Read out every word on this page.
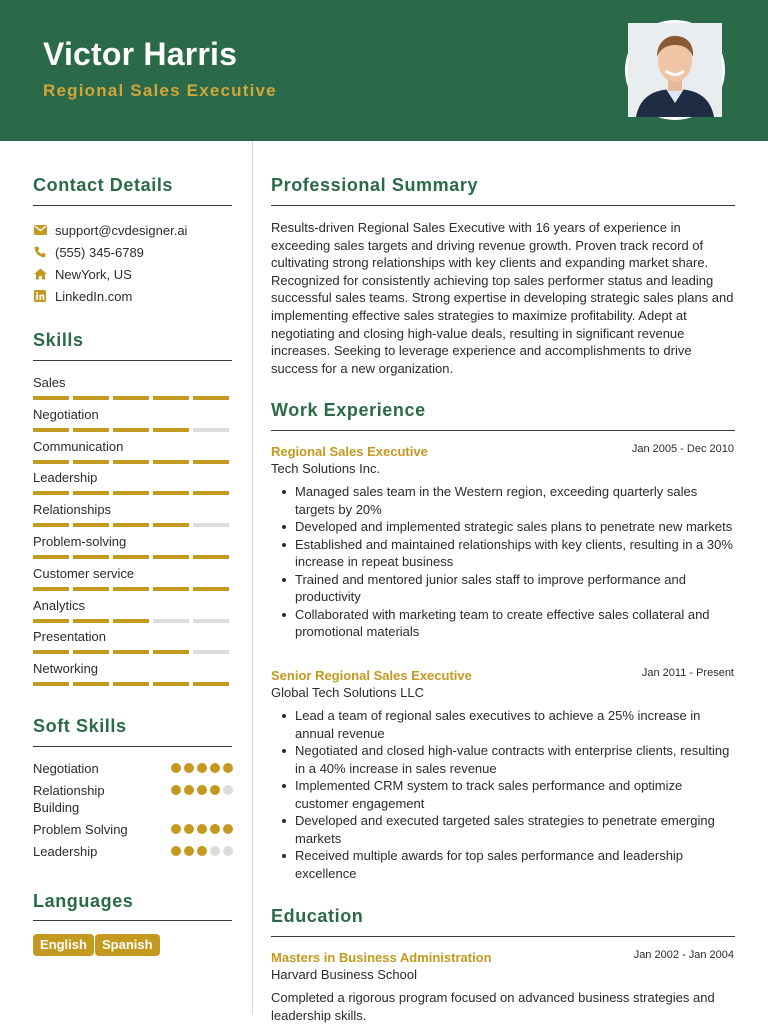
Victor Harris
Regional Sales Executive
Contact Details
support@cvdesigner.ai
(555) 345-6789
NewYork, US
LinkedIn.com
Skills
Sales
Negotiation
Communication
Leadership
Relationships
Problem-solving
Customer service
Analytics
Presentation
Networking
Soft Skills
Negotiation
Relationship Building
Problem Solving
Leadership
Languages
English	Spanish
Professional Summary
Results-driven Regional Sales Executive with 16 years of experience in exceeding sales targets and driving revenue growth. Proven track record of cultivating strong relationships with key clients and expanding market share. Recognized for consistently achieving top sales performer status and leading successful sales teams. Strong expertise in developing strategic sales plans and implementing effective sales strategies to maximize profitability. Adept at negotiating and closing high-value deals, resulting in significant revenue increases. Seeking to leverage experience and accomplishments to drive success for a new organization.
Work Experience
Regional Sales Executive	Jan 2005 - Dec 2010
Tech Solutions Inc.
Managed sales team in the Western region, exceeding quarterly sales targets by 20%
Developed and implemented strategic sales plans to penetrate new markets
Established and maintained relationships with key clients, resulting in a 30% increase in repeat business
Trained and mentored junior sales staff to improve performance and productivity
Collaborated with marketing team to create effective sales collateral and promotional materials
Senior Regional Sales Executive	Jan 2011 - Present
Global Tech Solutions LLC
Lead a team of regional sales executives to achieve a 25% increase in annual revenue
Negotiated and closed high-value contracts with enterprise clients, resulting in a 40% increase in sales revenue
Implemented CRM system to track sales performance and optimize customer engagement
Developed and executed targeted sales strategies to penetrate emerging markets
Received multiple awards for top sales performance and leadership excellence
Education
Masters in Business Administration	Jan 2002 - Jan 2004
Harvard Business School
Completed a rigorous program focused on advanced business strategies and leadership skills.
